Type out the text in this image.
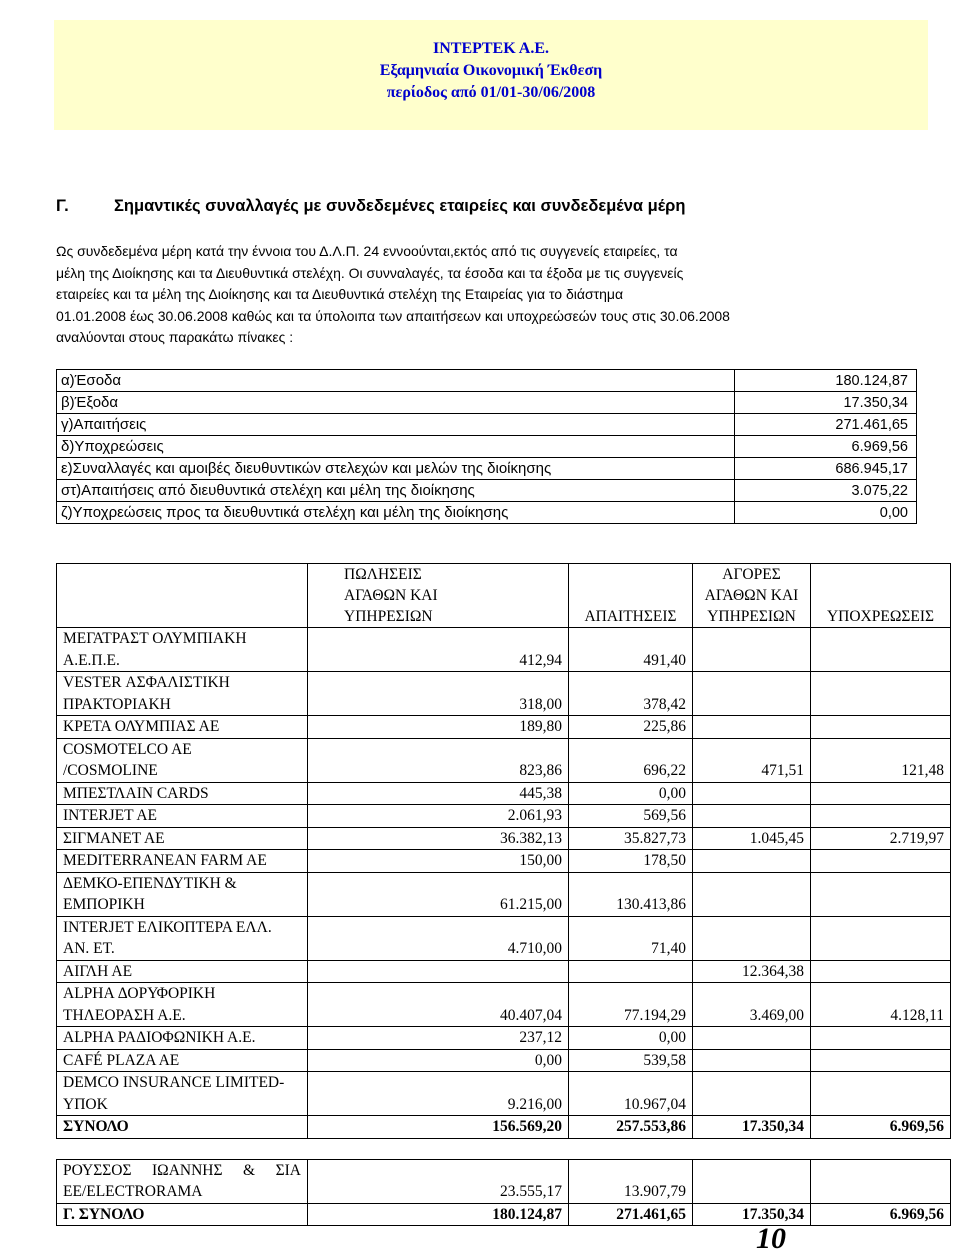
ΙΝΤΕΡΤΕΚ Α.Ε.
Εξαμηνιαία Οικονομική Έκθεση
περίοδος από 01/01-30/06/2008
Γ.	Σημαντικές συναλλαγές με συνδεδεμένες εταιρείες και συνδεδεμένα μέρη
Ως συνδεδεμένα μέρη κατά την έννοια του Δ.Λ.Π. 24 εννοούνται,εκτός από τις συγγενείς εταιρείες, τα
μέλη της Διοίκησης και τα Διευθυντικά στελέχη. Οι συνναλαγές, τα έσοδα και τα έξοδα με τις συγγενείς
εταιρείες και τα μέλη της Διοίκησης και τα Διευθυντικά στελέχη της Εταιρείας για το διάστημα
01.01.2008 έως 30.06.2008 καθώς και τα ύπολοιπα των απαιτήσεων και υποχρεώσεών τους στις 30.06.2008
αναλύονται στους παρακάτω πίνακες :
α)Έσοδα	180.124,87
β)Έξοδα	17.350,34
γ)Απαιτήσεις	271.461,65
δ)Υποχρεώσεις	6.969,56
ε)Συναλλαγές και αμοιβές διευθυντικών στελεχών και μελών της διοίκησης	686.945,17
στ)Απαιτήσεις από διευθυντικά στελέχη και μέλη της διοίκησης	3.075,22
ζ)Υποχρεώσεις προς τα διευθυντικά στελέχη και μέλη της διοίκησης	0,00
	ΠΩΛΗΣΕΙΣ
ΑΓΑΘΩΝ ΚΑΙ
ΥΠΗΡΕΣΙΩΝ	ΑΠΑΙΤΗΣΕΙΣ	ΑΓΟΡΕΣ
ΑΓΑΘΩΝ ΚΑΙ
ΥΠΗΡΕΣΙΩΝ	ΥΠΟΧΡΕΩΣΕΙΣ
ΜΕΓΑΤΡΑΣΤ ΟΛΥΜΠΙΑΚΗ
Α.Ε.Π.Ε.	412,94	491,40		
VESTER ΑΣΦΑΛΙΣΤΙΚΗ
ΠΡΑΚΤΟΡΙΑΚΗ	318,00	378,42		
ΚΡΕΤΑ ΟΛΥΜΠΙΑΣ ΑΕ	189,80	225,86		
COSMOTELCO AE
/COSMOLINE	823,86	696,22	471,51	121,48
ΜΠΕΣΤΛΑΙΝ CARDS	445,38	0,00		
INTERJET AE	2.061,93	569,56		
ΣΙΓΜΑΝΕΤ ΑΕ	36.382,13	35.827,73	1.045,45	2.719,97
MEDITERRANEAN FARM AE	150,00	178,50		
ΔΕΜΚΟ-ΕΠΕΝΔΥΤΙΚΗ &
ΕΜΠΟΡΙΚΗ	61.215,00	130.413,86		
INTERJET ΕΛΙΚΟΠΤΕΡΑ ΕΛΛ.
ΑΝ. ΕΤ.	4.710,00	71,40		
ΑΙΓΛΗ ΑΕ			12.364,38	
ALPHA ΔΟΡΥΦΟΡΙΚΗ
ΤΗΛΕΟΡΑΣΗ Α.Ε.	40.407,04	77.194,29	3.469,00	4.128,11
ALPHA ΡΑΔΙΟΦΩΝΙΚΗ Α.Ε.	237,12	0,00		
CAFÉ PLAZA AE	0,00	539,58		
DEMCO INSURANCE LIMITED-
ΥΠΟΚ	9.216,00	10.967,04		
ΣΥΝΟΛΟ	156.569,20	257.553,86	17.350,34	6.969,56

ΡΟΥΣΣΟΣ ΙΩΑΝΝΗΣ & ΣΙΑ
EE/ELECTRORAMA	23.555,17	13.907,79		
Γ. ΣΥΝΟΛΟ	180.124,87	271.461,65	17.350,34	6.969,56
10
